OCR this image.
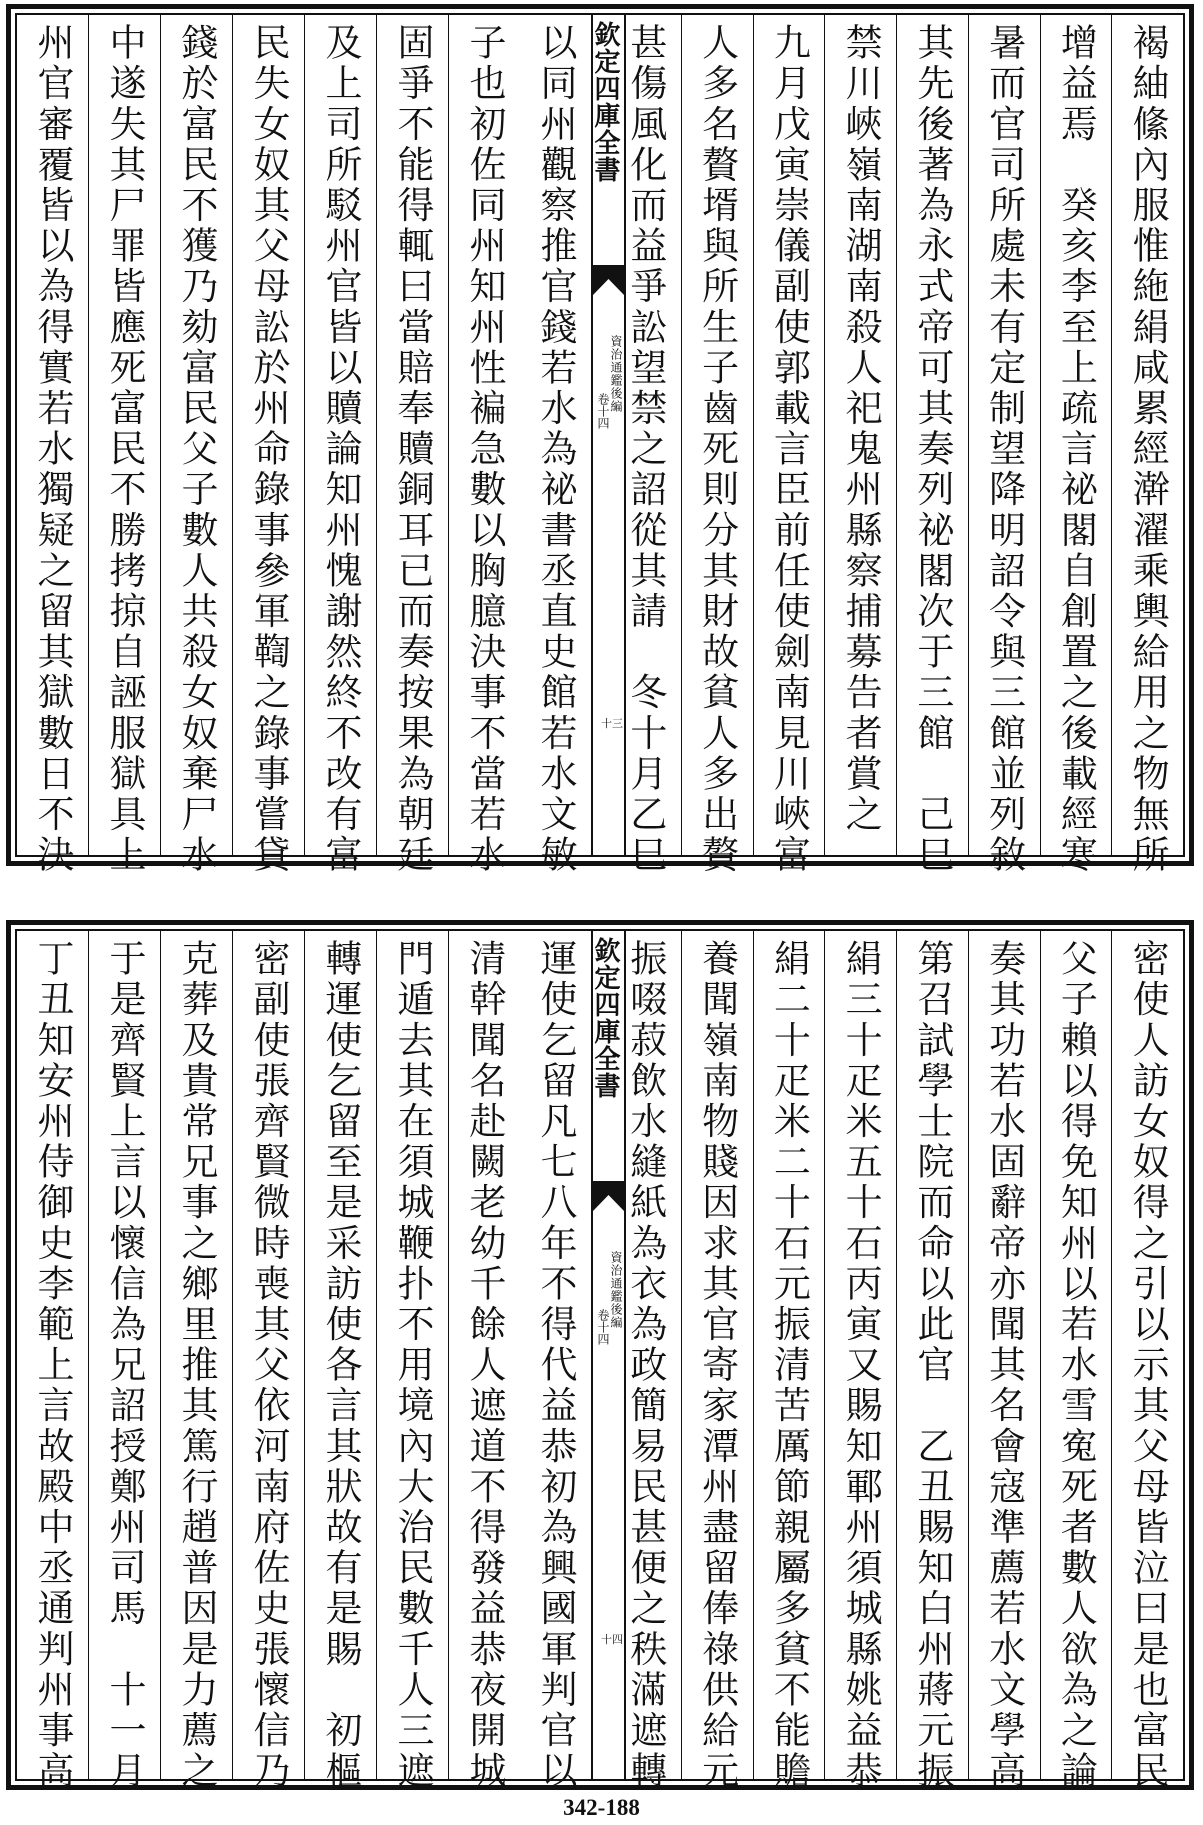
褐紬絛內服惟絁絹咸累經澣濯乘輿給用之物無所
增益焉　癸亥李至上疏言祕閣自創置之後載經寒
暑而官司所處未有定制望降明詔令與三館並列敘
其先後著為永式帝可其奏列祕閣次于三館　己巳
禁川峽嶺南湖南殺人祀鬼州縣察捕募告者賞之
九月戊寅崇儀副使郭載言臣前任使劍南見川峽富
人多名贅壻與所生子齒死則分其財故貧人多出贅
甚傷風化而益爭訟望禁之詔從其請　冬十月乙巳
欽定四庫全書
資治通鑑後編
卷十四
十三
以同州觀察推官錢若水為祕書丞直史館若水文敏
子也初佐同州知州性褊急數以胸臆決事不當若水
固爭不能得輒曰當賠奉贖銅耳已而奏按果為朝廷
及上司所駁州官皆以贖論知州愧謝然終不改有富
民失女奴其父母訟於州命錄事參軍鞫之錄事嘗貸
錢於富民不獲乃劾富民父子數人共殺女奴棄尸水
中遂失其尸罪皆應死富民不勝拷掠自誣服獄具上
州官審覆皆以為得實若水獨疑之留其獄數日不決
密使人訪女奴得之引以示其父母皆泣曰是也富民
父子賴以得免知州以若水雪寃死者數人欲為之論
奏其功若水固辭帝亦聞其名會寇準薦若水文學高
第召試學士院而命以此官　乙丑賜知白州蔣元振
絹三十疋米五十石丙寅又賜知鄆州須城縣姚益恭
絹二十疋米二十石元振清苦厲節親屬多貧不能贍
養聞嶺南物賤因求其官寄家潭州盡留俸祿供給元
振啜菽飲水縫紙為衣為政簡易民甚便之秩滿遮轉
欽定四庫全書
資治通鑑後編
卷十四
十四
運使乞留凡七八年不得代益恭初為興國軍判官以
清幹聞名赴闕老幼千餘人遮道不得發益恭夜開城
門遁去其在須城鞭扑不用境內大治民數千人三遮
轉運使乞留至是采訪使各言其狀故有是賜　初樞
密副使張齊賢微時喪其父依河南府佐史張懷信乃
克葬及貴常兄事之鄉里推其篤行趙普因是力薦之
于是齊賢上言以懷信為兄詔授鄭州司馬　十一月
丁丑知安州侍御史李範上言故殿中丞通判州事高
342-188
